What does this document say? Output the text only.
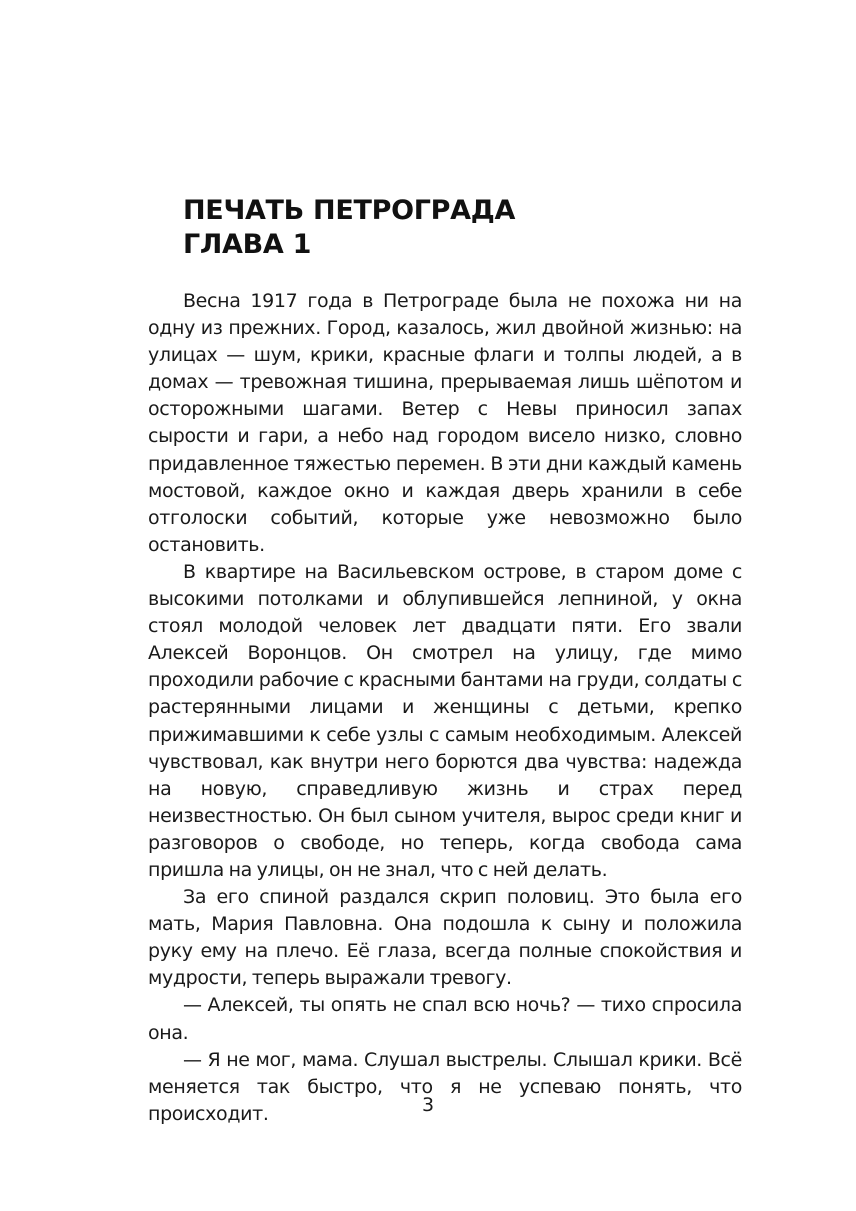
ПЕЧАТЬ ПЕТРОГРАДА
ГЛАВА 1

Весна 1917 года в Петрограде была не похожа ни на одну из прежних. Город, казалось, жил двойной жизнью: на улицах — шум, крики, красные флаги и толпы людей, а в домах — тревожная тишина, прерываемая лишь шёпотом и осторожными шагами. Ветер с Невы приносил запах сырости и гари, а небо над городом висело низко, словно придавленное тяжестью перемен. В эти дни каждый камень мостовой, каждое окно и каждая дверь хранили в себе отголоски событий, которые уже невозможно было остановить.

В квартире на Васильевском острове, в старом доме с высокими потолками и облупившейся лепниной, у окна стоял молодой человек лет двадцати пяти. Его звали Алексей Воронцов. Он смотрел на улицу, где мимо проходили рабочие с красными бантами на груди, солдаты с растерянными лицами и женщины с детьми, крепко прижимавшими к себе узлы с самым необходимым. Алексей чувствовал, как внутри него борются два чувства: надежда на новую, справедливую жизнь и страх перед неизвестностью. Он был сыном учителя, вырос среди книг и разговоров о свободе, но теперь, когда свобода сама пришла на улицы, он не знал, что с ней делать.

За его спиной раздался скрип половиц. Это была его мать, Мария Павловна. Она подошла к сыну и положила руку ему на плечо. Её глаза, всегда полные спокойствия и мудрости, теперь выражали тревогу.

— Алексей, ты опять не спал всю ночь? — тихо спросила она.

— Я не мог, мама. Слушал выстрелы. Слышал крики. Всё меняется так быстро, что я не успеваю понять, что происходит.	3
